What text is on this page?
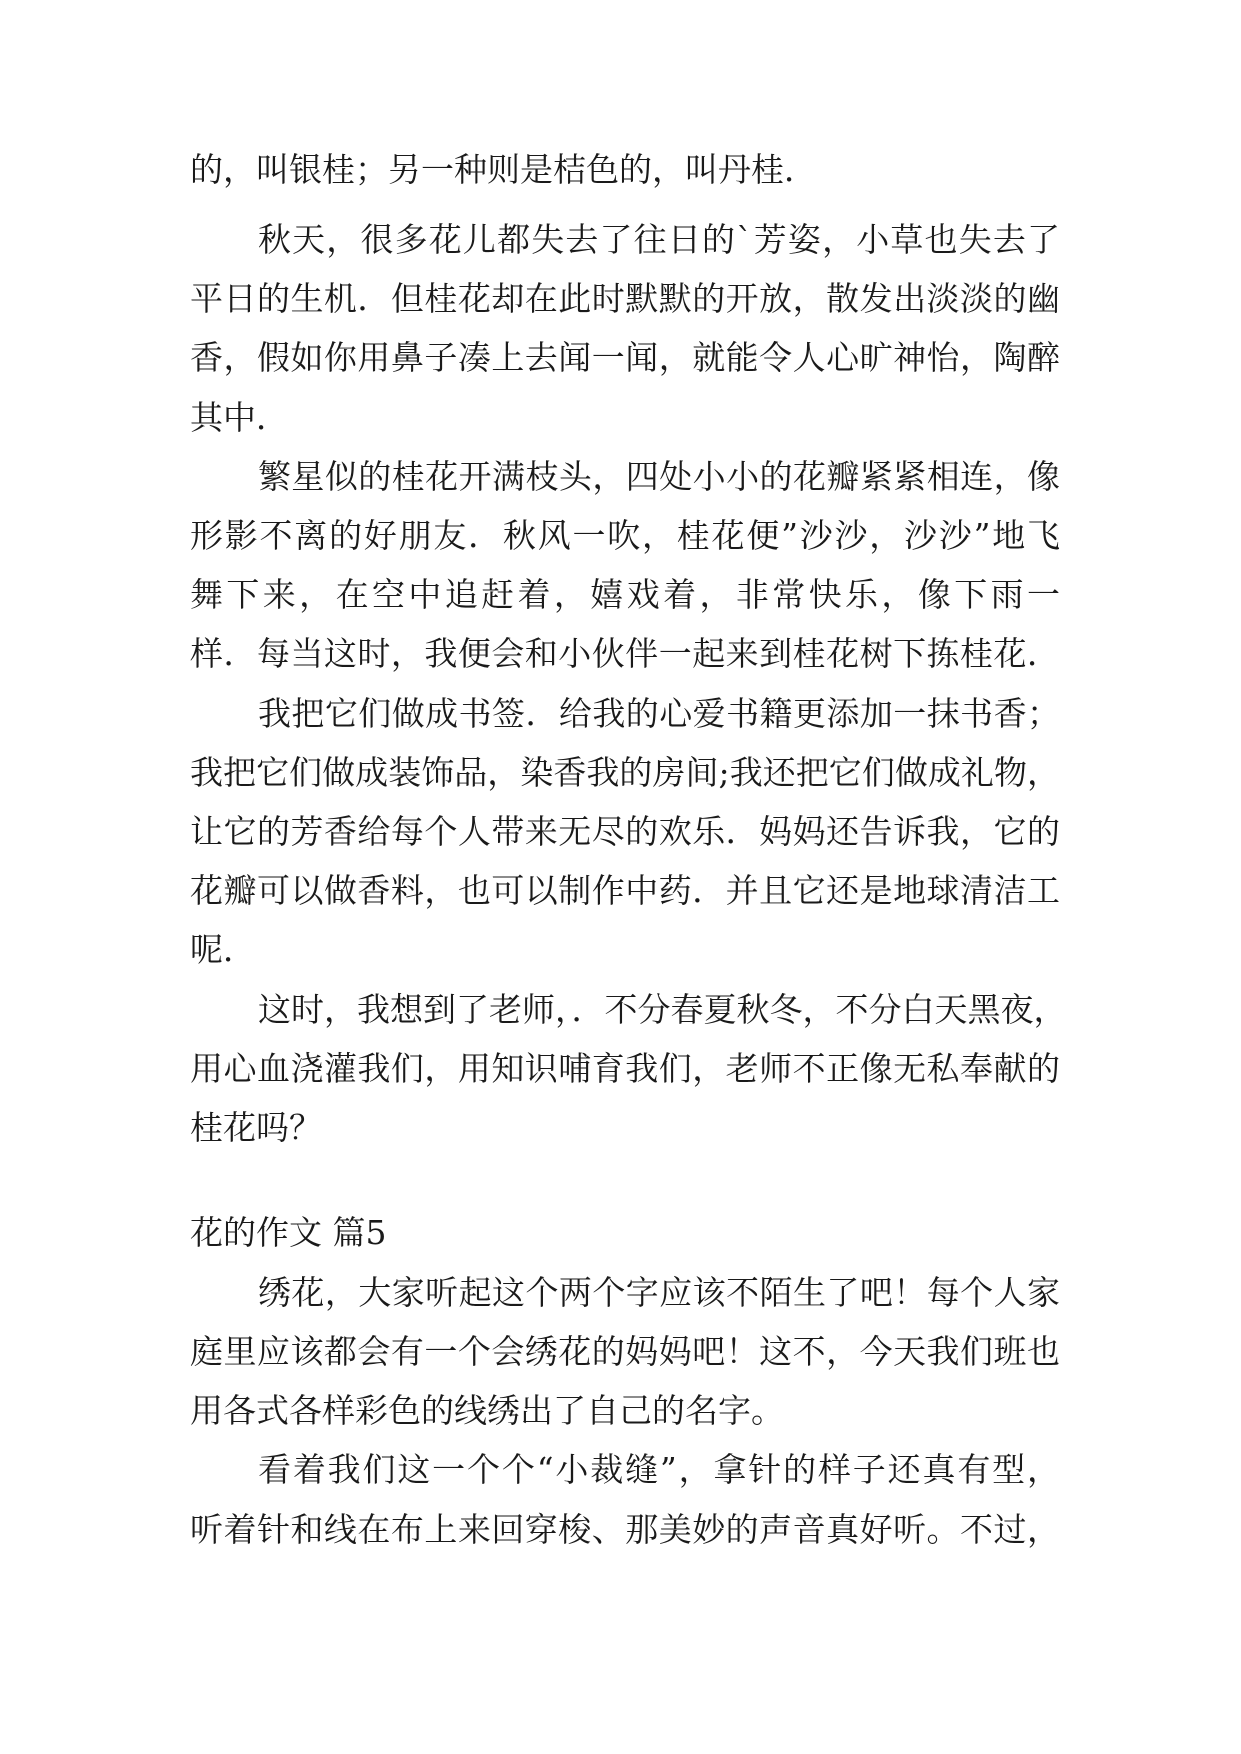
的，叫银桂；另一种则是桔色的，叫丹桂．
秋天，很多花儿都失去了往日的`芳姿，小草也失去了
平日的生机．但桂花却在此时默默的开放，散发出淡淡的幽
香，假如你用鼻子凑上去闻一闻，就能令人心旷神怡，陶醉
其中．
繁星似的桂花开满枝头，四处小小的花瓣紧紧相连，像
形影不离的好朋友．秋风一吹，桂花便”沙沙，沙沙”地飞
舞下来，在空中追赶着，嬉戏着，非常快乐，像下雨一
样．每当这时，我便会和小伙伴一起来到桂花树下拣桂花．
我把它们做成书签．给我的心爱书籍更添加一抹书香；
我把它们做成装饰品，染香我的房间;我还把它们做成礼物，
让它的芳香给每个人带来无尽的欢乐．妈妈还告诉我，它的
花瓣可以做香料，也可以制作中药．并且它还是地球清洁工
呢．
这时，我想到了老师，．不分春夏秋冬，不分白天黑夜，
用心血浇灌我们，用知识哺育我们，老师不正像无私奉献的
桂花吗？
花的作文 篇5
绣花，大家听起这个两个字应该不陌生了吧！每个人家
庭里应该都会有一个会绣花的妈妈吧！这不，今天我们班也
用各式各样彩色的线绣出了自己的名字。
看着我们这一个个“小裁缝”，拿针的样子还真有型，
听着针和线在布上来回穿梭、那美妙的声音真好听。不过，
